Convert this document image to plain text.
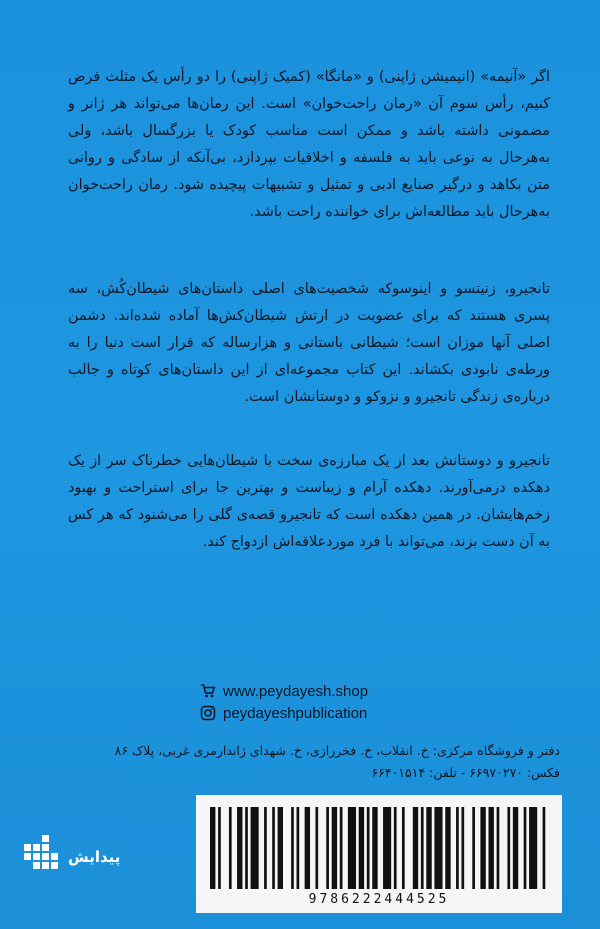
اگر «آنیمه» (انیمیشن ژاپنی) و «مانگا» (کمیک ژاپنی) را دو رأس یک مثلث فرض کنیم، رأس سوم آن «رمان راحت‌خوان» است. این رمان‌ها می‌تواند هر ژانر و مضمونی داشته باشد و ممکن است مناسب کودک یا بزرگسال باشد، ولی به‌هرحال به نوعی باید به فلسفه و اخلاقیات بپردازد، بی‌آنکه از سادگی و روانی متن بکاهد و درگیر صنایع ادبی و تمثیل و تشبیهات پیچیده شود. رمان راحت‌خوان به‌هرحال باید مطالعه‌اش برای خواننده راحت باشد.

تانجیرو، زنیتسو و اینوسوکه شخصیت‌های اصلی داستان‌های شیطان‌کُش، سه پسری هستند که برای عضویت در ارتش شیطان‌کش‌ها آماده شده‌اند. دشمن اصلی آنها موزان است؛ شیطانی باستانی و هزارساله که قرار است دنیا را به ورطه‌ی نابودی بکشاند. این کتاب مجموعه‌ای از این داستان‌های کوتاه و جالب درباره‌ی زندگی تانجیرو و نزوکو و دوستانشان است.

تانجیرو و دوستانش بعد از یک مبارزه‌ی سخت با شیطان‌هایی خطرناک سر از یک دهکده درمی‌آورند. دهکده آرام و زیباست و بهترین جا برای استراحت و بهبود زخم‌هایشان. در همین دهکده است که تانجیرو قصه‌ی گلی را می‌شنود که هر کس به آن دست بزند، می‌تواند با فرد موردعلاقه‌اش ازدواج کند.

www.peydayesh.shop
peydayeshpublication
دفتر و فروشگاه مرکزی: خ. انقلاب، خ. فخررازی، خ. شهدای ژاندارمری غربی، پلاک ۸۶
فکس: ۶۶۹۷۰۲۷۰ - تلفن: ۶۶۴۰۱۵۱۴
پیدایش
9786222444525
